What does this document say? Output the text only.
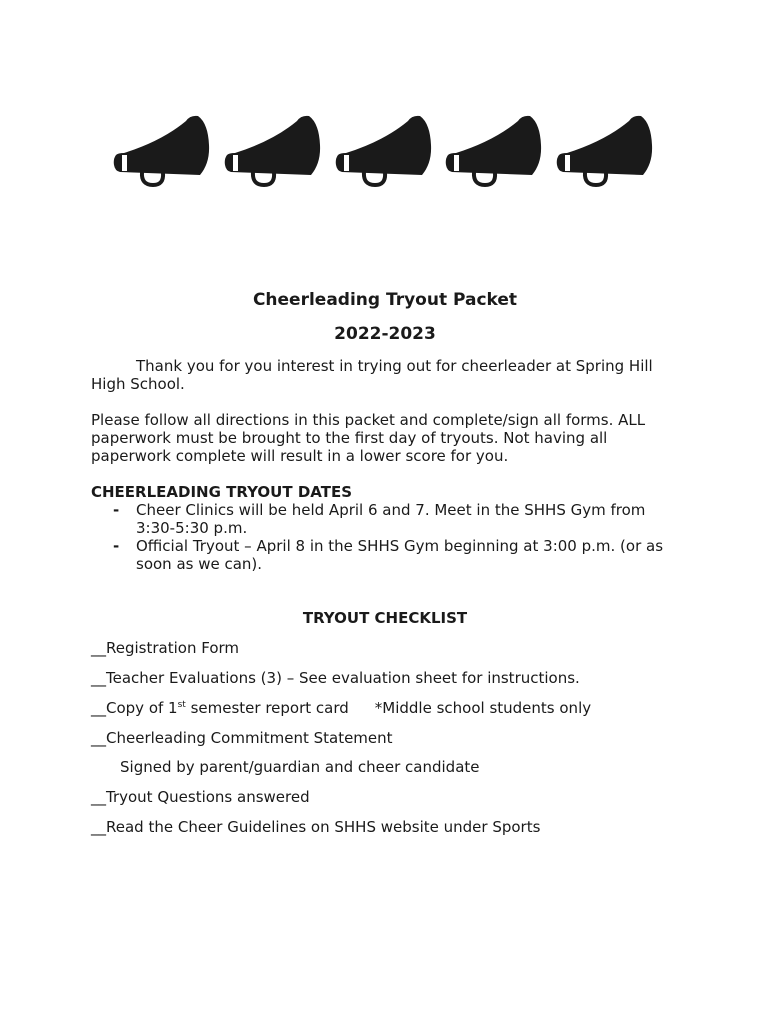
Cheerleading Tryout Packet
2022-2023
Thank you for you interest in trying out for cheerleader at Spring Hill High School.
Please follow all directions in this packet and complete/sign all forms. ALL paperwork must be brought to the first day of tryouts. Not having all paperwork complete will result in a lower score for you.
CHEERLEADING TRYOUT DATES
- Cheer Clinics will be held April 6 and 7. Meet in the SHHS Gym from 3:30-5:30 p.m.
- Official Tryout – April 8 in the SHHS Gym beginning at 3:00 p.m. (or as soon as we can).
TRYOUT CHECKLIST
__Registration Form
__Teacher Evaluations (3) – See evaluation sheet for instructions.
__Copy of 1st semester report card *Middle school students only
__Cheerleading Commitment Statement
Signed by parent/guardian and cheer candidate
__Tryout Questions answered
__Read the Cheer Guidelines on SHHS website under Sports
